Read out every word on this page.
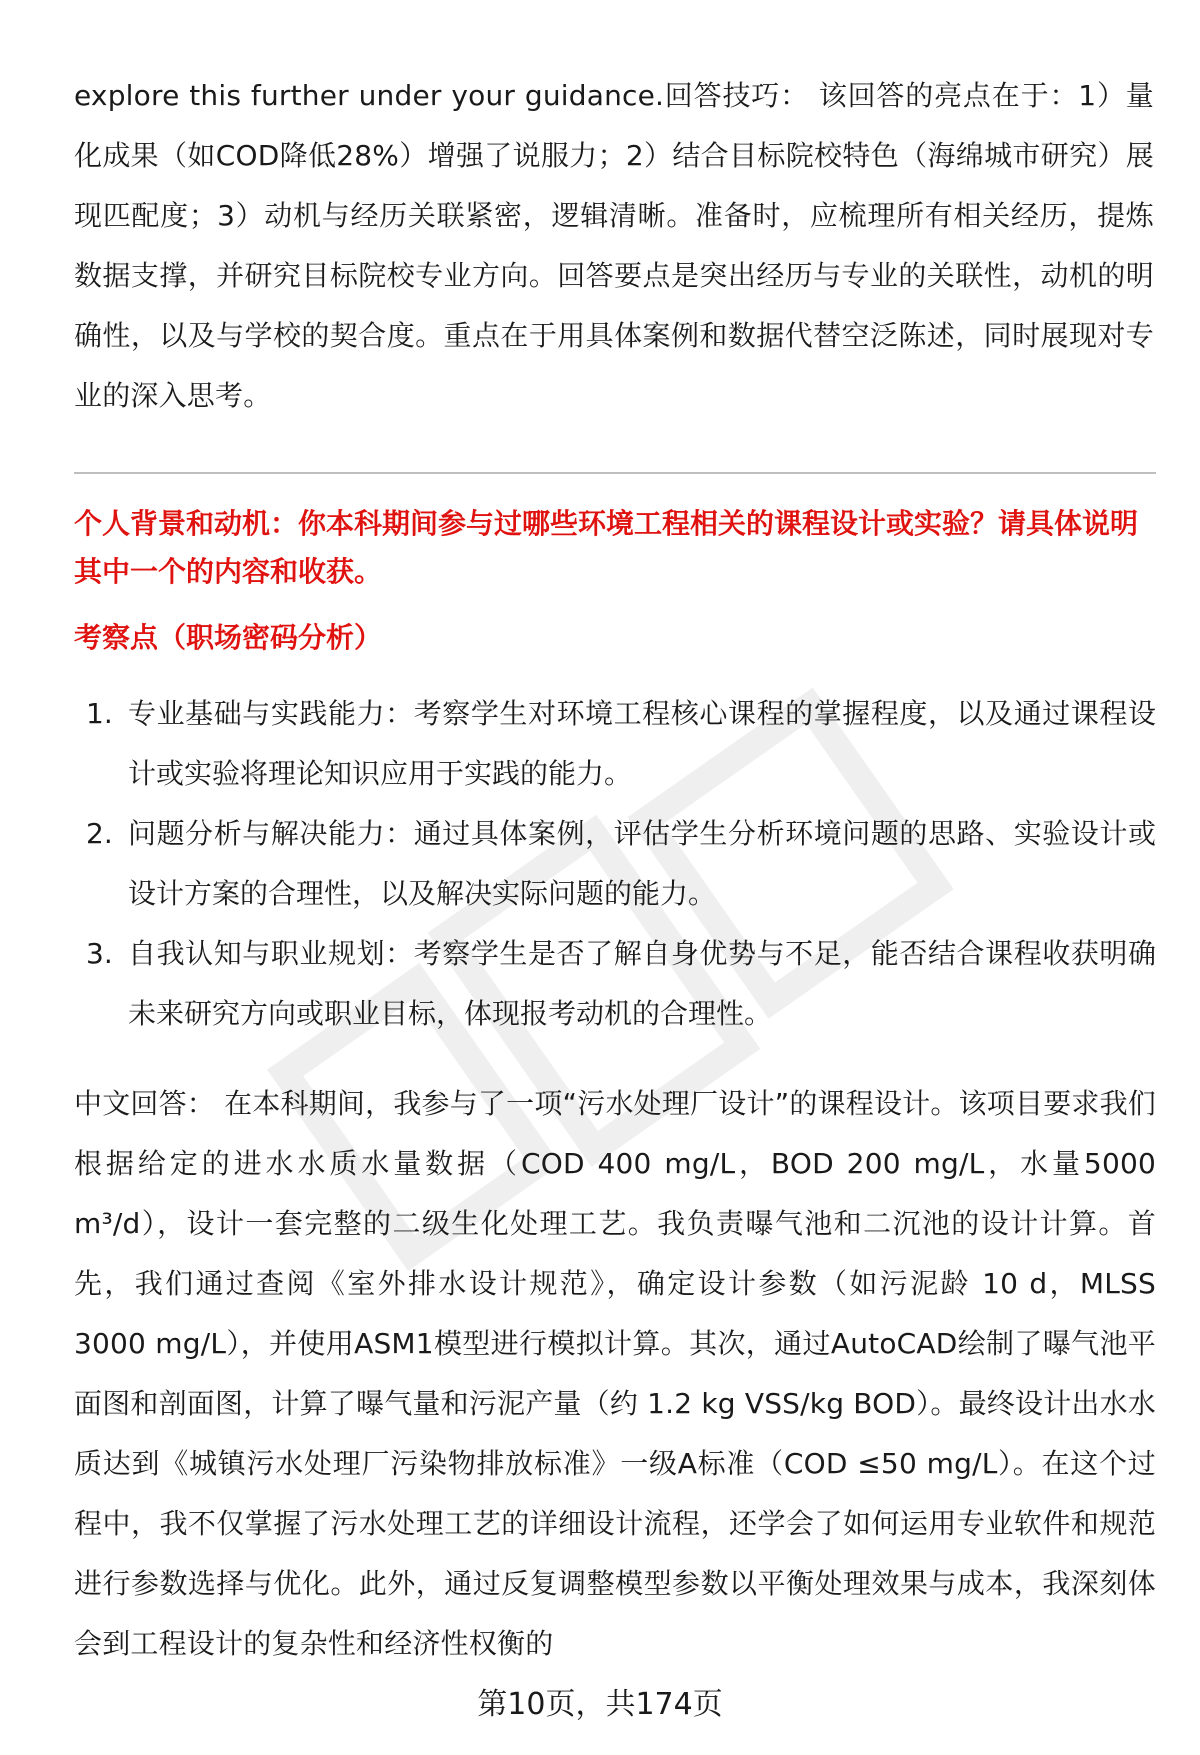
explore this further under your guidance.回答技巧： 该回答的亮点在于：1）量化成果（如COD降低28%）增强了说服力；2）结合目标院校特色（海绵城市研究）展现匹配度；3）动机与经历关联紧密，逻辑清晰。准备时，应梳理所有相关经历，提炼数据支撑，并研究目标院校专业方向。回答要点是突出经历与专业的关联性，动机的明确性，以及与学校的契合度。重点在于用具体案例和数据代替空泛陈述，同时展现对专业的深入思考。

个人背景和动机：你本科期间参与过哪些环境工程相关的课程设计或实验？请具体说明其中一个的内容和收获。

考察点（职场密码分析）

1. 专业基础与实践能力：考察学生对环境工程核心课程的掌握程度，以及通过课程设计或实验将理论知识应用于实践的能力。
2. 问题分析与解决能力：通过具体案例，评估学生分析环境问题的思路、实验设计或设计方案的合理性，以及解决实际问题的能力。
3. 自我认知与职业规划：考察学生是否了解自身优势与不足，能否结合课程收获明确未来研究方向或职业目标，体现报考动机的合理性。

中文回答： 在本科期间，我参与了一项“污水处理厂设计”的课程设计。该项目要求我们根据给定的进水水质水量数据（COD 400 mg/L，BOD 200 mg/L，水量5000 m³/d），设计一套完整的二级生化处理工艺。我负责曝气池和二沉池的设计计算。首先，我们通过查阅《室外排水设计规范》，确定设计参数（如污泥龄 10 d，MLSS 3000 mg/L），并使用ASM1模型进行模拟计算。其次，通过AutoCAD绘制了曝气池平面图和剖面图，计算了曝气量和污泥产量（约 1.2 kg VSS/kg BOD）。最终设计出水水质达到《城镇污水处理厂污染物排放标准》一级A标准（COD ≤50 mg/L）。在这个过程中，我不仅掌握了污水处理工艺的详细设计流程，还学会了如何运用专业软件和规范进行参数选择与优化。此外，通过反复调整模型参数以平衡处理效果与成本，我深刻体会到工程设计的复杂性和经济性权衡的

第10页，共174页
